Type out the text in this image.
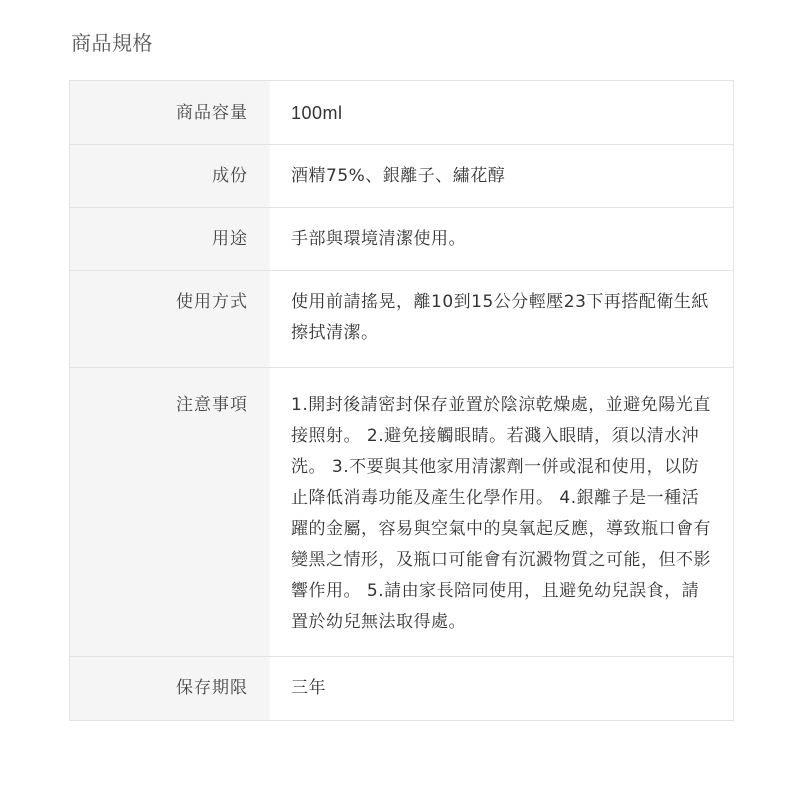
商品規格
商品容量	100ml
成份	酒精75%、銀離子、繡花醇
用途	手部與環境清潔使用。
使用方式	使用前請搖晃，離10到15公分輕壓23下再搭配衛生紙擦拭清潔。
注意事項	1.開封後請密封保存並置於陰涼乾燥處，並避免陽光直接照射。 2.避免接觸眼睛。若濺入眼睛，須以清水沖洗。 3.不要與其他家用清潔劑一併或混和使用，以防止降低消毒功能及產生化學作用。 4.銀離子是一種活躍的金屬，容易與空氣中的臭氧起反應，導致瓶口會有變黑之情形，及瓶口可能會有沉澱物質之可能，但不影響作用。 5.請由家長陪同使用，且避免幼兒誤食，請置於幼兒無法取得處。
保存期限	三年
